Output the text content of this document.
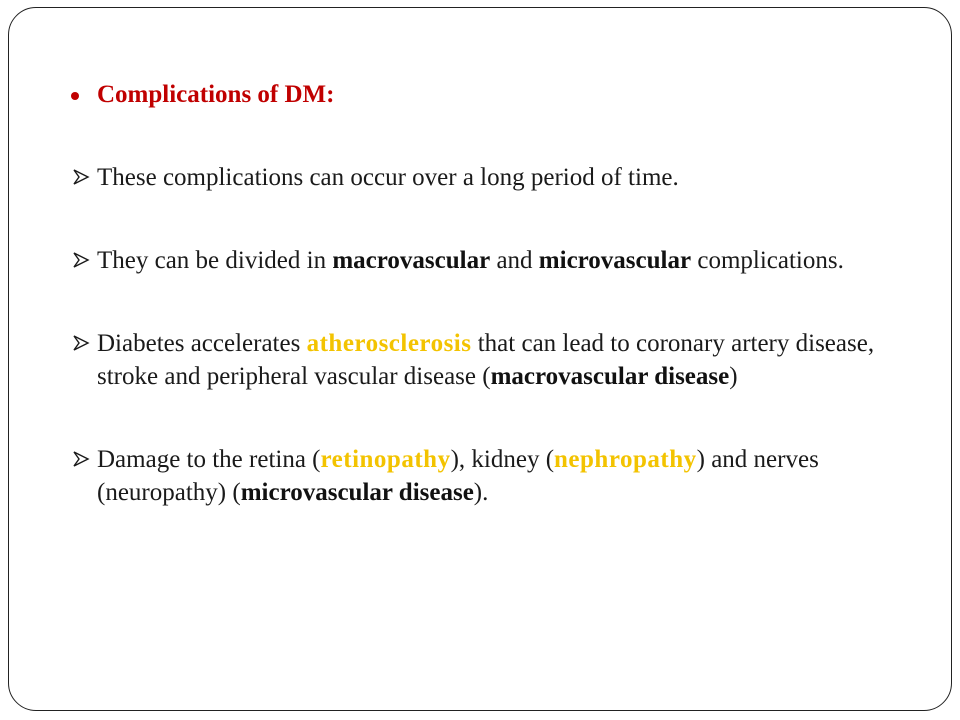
Complications of DM:
These complications can occur over a long period of time.
They can be divided in macrovascular and microvascular complications.
Diabetes accelerates atherosclerosis that can lead to coronary artery disease, stroke and peripheral vascular disease (macrovascular disease)
Damage to the retina (retinopathy), kidney (nephropathy) and nerves (neuropathy) (microvascular disease).
